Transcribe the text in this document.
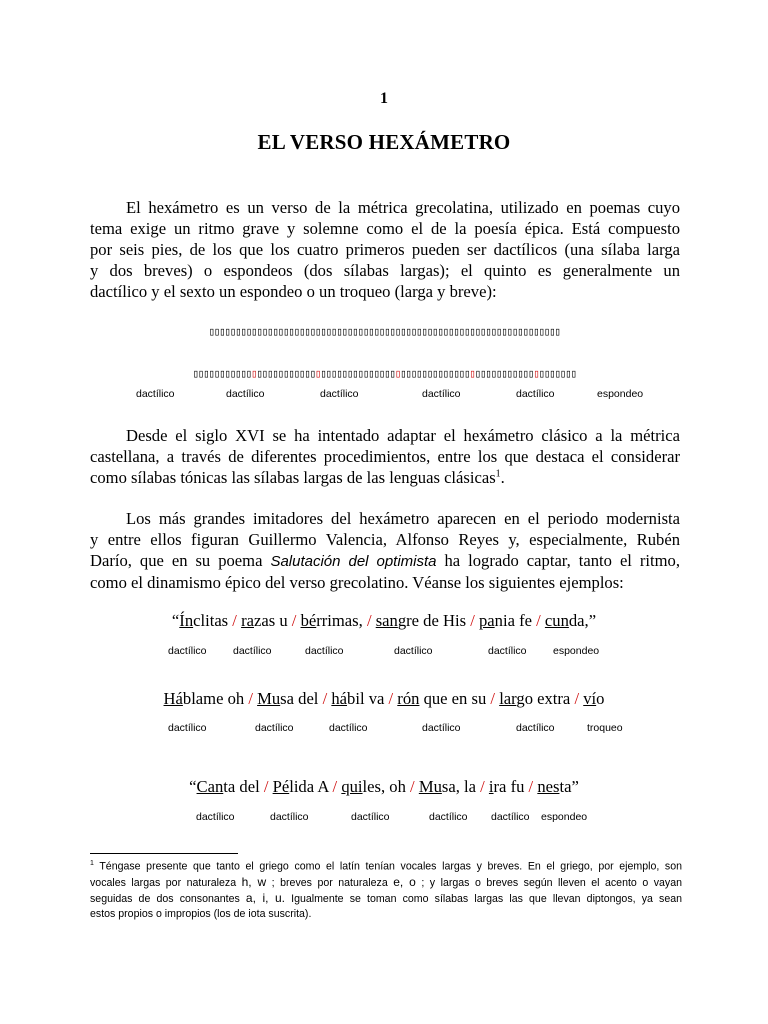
1
EL VERSO HEXÁMETRO
El hexámetro es un verso de la métrica grecolatina, utilizado en poemas cuyo
tema exige un ritmo grave y solemne como el de la poesía épica. Está compuesto
por seis pies, de los que los cuatro primeros pueden ser dactílicos (una sílaba larga
y dos breves) o espondeos (dos sílabas largas); el quinto es generalmente un
dactílico y el sexto un espondeo o un troqueo (larga y breve):
▯▯▯▯▯▯▯▯▯▯▯▯▯▯▯▯▯▯▯▯▯▯▯▯▯▯▯▯▯▯▯▯▯▯▯▯▯▯▯▯▯▯▯▯▯▯▯▯▯▯▯▯▯▯▯▯▯▯▯▯▯▯▯▯▯▯
▯▯▯▯▯▯▯▯▯▯▯▯▯▯▯▯▯▯▯▯▯▯▯▯▯▯▯▯▯▯▯▯▯▯▯▯▯▯▯▯▯▯▯▯▯▯▯▯▯▯▯▯▯▯▯▯▯▯▯▯▯▯▯▯▯▯▯▯▯▯▯▯
dactílico	dactílico	dactílico	dactílico	dactílico	espondeo
Desde el siglo XVI se ha intentado adaptar el hexámetro clásico a la métrica
castellana, a través de diferentes procedimientos, entre los que destaca el considerar
como sílabas tónicas las sílabas largas de las lenguas clásicas$^1$.
Los más grandes imitadores del hexámetro aparecen en el periodo modernista
y entre ellos figuran Guillermo Valencia, Alfonso Reyes y, especialmente, Rubén
Darío, que en su poema Salutación del optimista ha logrado captar, tanto el ritmo,
como el dinamismo épico del verso grecolatino. Véanse los siguientes ejemplos:
“Ínclitas / razas u / bérrimas, / sangre de His / pania fe / cunda,”
dactílico	dactílico	dactílico	dactílico	dactílico	espondeo
Háblame oh / Musa del / hábil va / rón que en su / largo extra / vío
dactílico	dactílico	dactílico	dactílico	dactílico	troqueo
“Canta del / Pélida A / quiles, oh / Musa, la / ira fu / nesta”
dactílico	dactílico	dactílico	dactílico dactílico espondeo
$^1$ Téngase presente que tanto el griego como el latín tenían vocales largas y breves. En el griego, por ejemplo, son
vocales largas por naturaleza h, w ; breves por naturaleza e, o ; y largas o breves según lleven el acento o vayan
seguidas de dos consonantes a, i, u. Igualmente se toman como sílabas largas las que llevan diptongos, ya sean
estos propios o impropios (los de iota suscrita).
